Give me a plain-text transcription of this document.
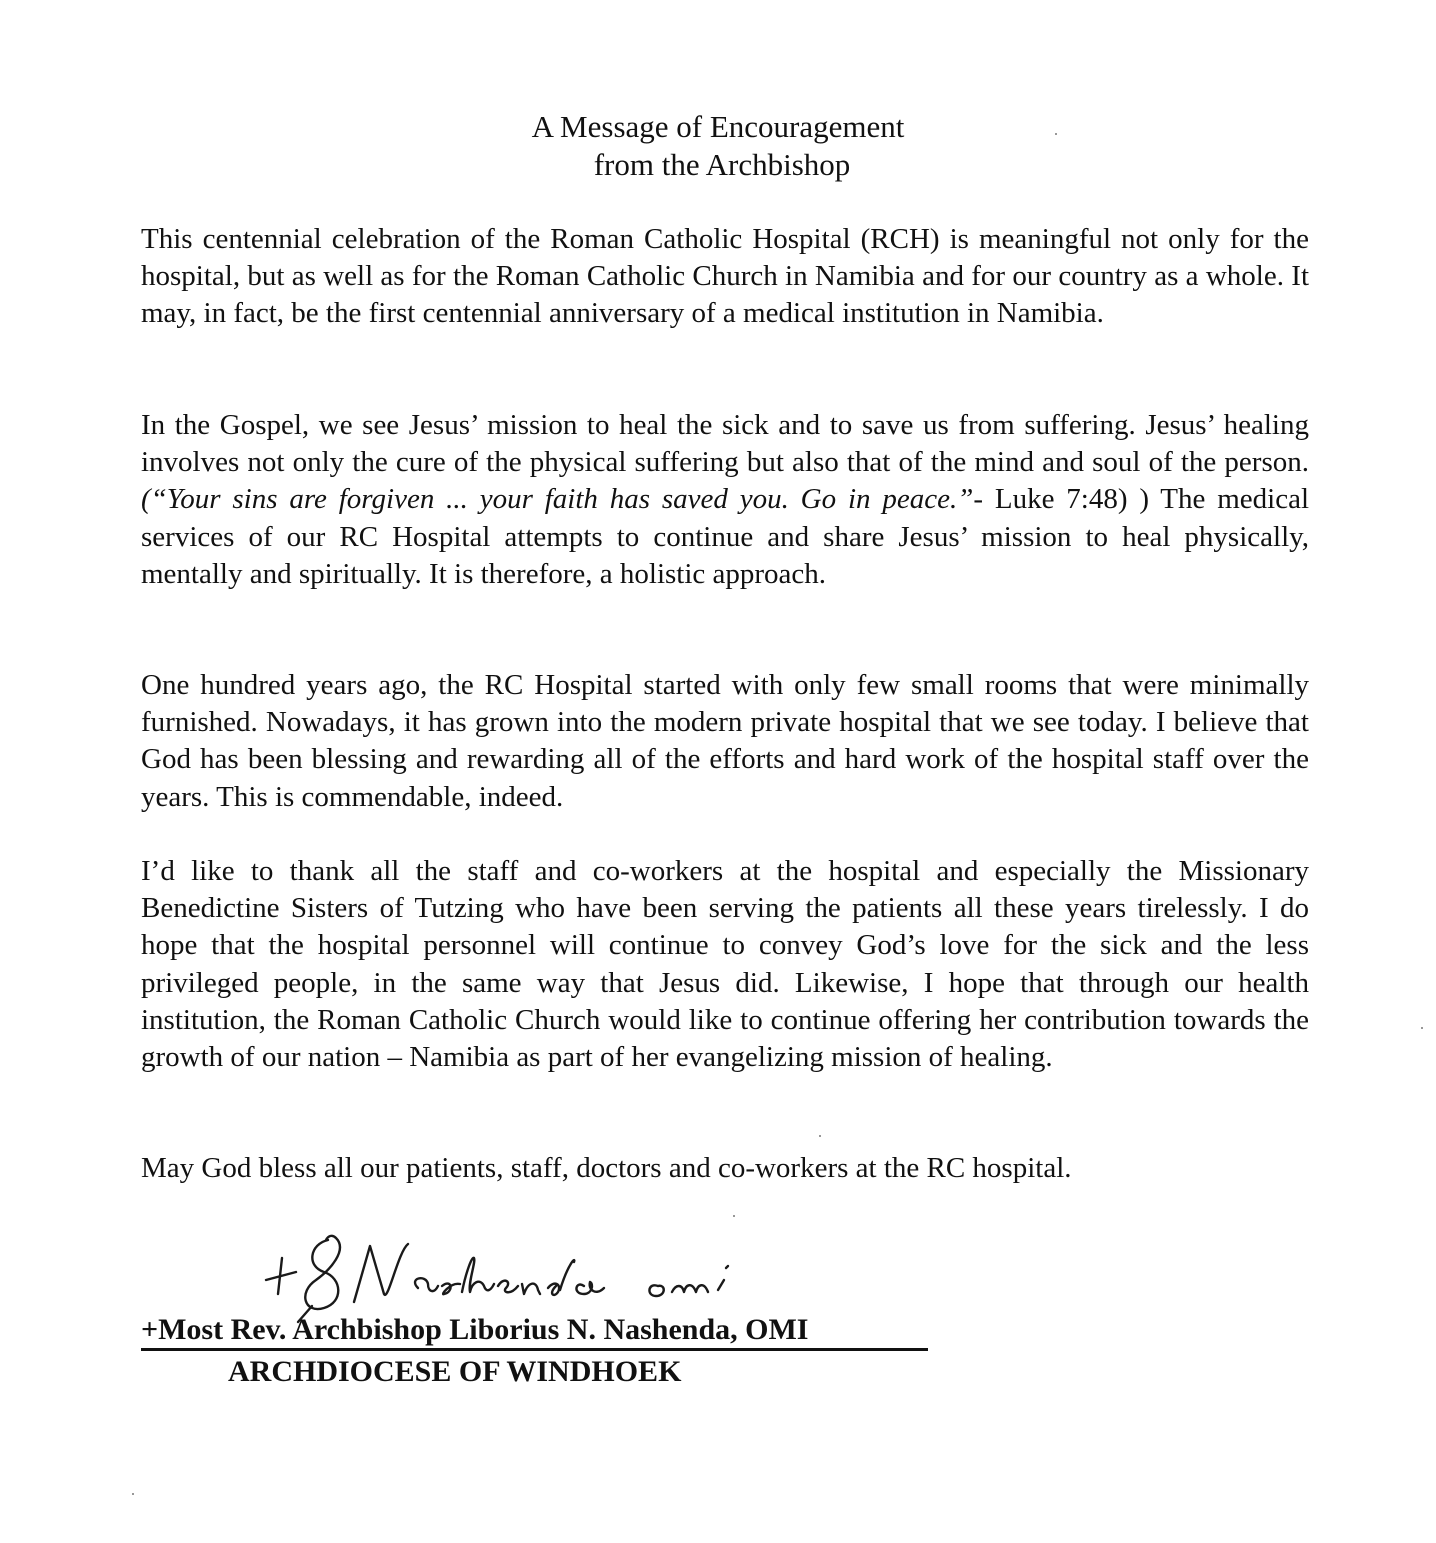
A Message of Encouragement

from the Archbishop

This centennial celebration of the Roman Catholic Hospital (RCH) is meaningful not only for the hospital, but as well as for the Roman Catholic Church in Namibia and for our country as a whole. It may, in fact, be the first centennial anniversary of a medical institution in Namibia.

In the Gospel, we see Jesus’ mission to heal the sick and to save us from suffering. Jesus’ healing involves not only the cure of the physical suffering but also that of the mind and soul of the person. (“Your sins are forgiven ... your faith has saved you. Go in peace.”- Luke 7:48) ) The medical services of our RC Hospital attempts to continue and share Jesus’ mission to heal physically, mentally and spiritually. It is therefore, a holistic approach.

One hundred years ago, the RC Hospital started with only few small rooms that were minimally furnished. Nowadays, it has grown into the modern private hospital that we see today. I believe that God has been blessing and rewarding all of the efforts and hard work of the hospital staff over the years. This is commendable, indeed.

I’d like to thank all the staff and co-workers at the hospital and especially the Missionary Benedictine Sisters of Tutzing who have been serving the patients all these years tirelessly. I do hope that the hospital personnel will continue to convey God’s love for the sick and the less privileged people, in the same way that Jesus did. Likewise, I hope that through our health institution, the Roman Catholic Church would like to continue offering her contribution towards the growth of our nation – Namibia as part of her evangelizing mission of healing.

May God bless all our patients, staff, doctors and co-workers at the RC hospital.

+Most Rev. Archbishop Liborius N. Nashenda, OMI

ARCHDIOCESE OF WINDHOEK
